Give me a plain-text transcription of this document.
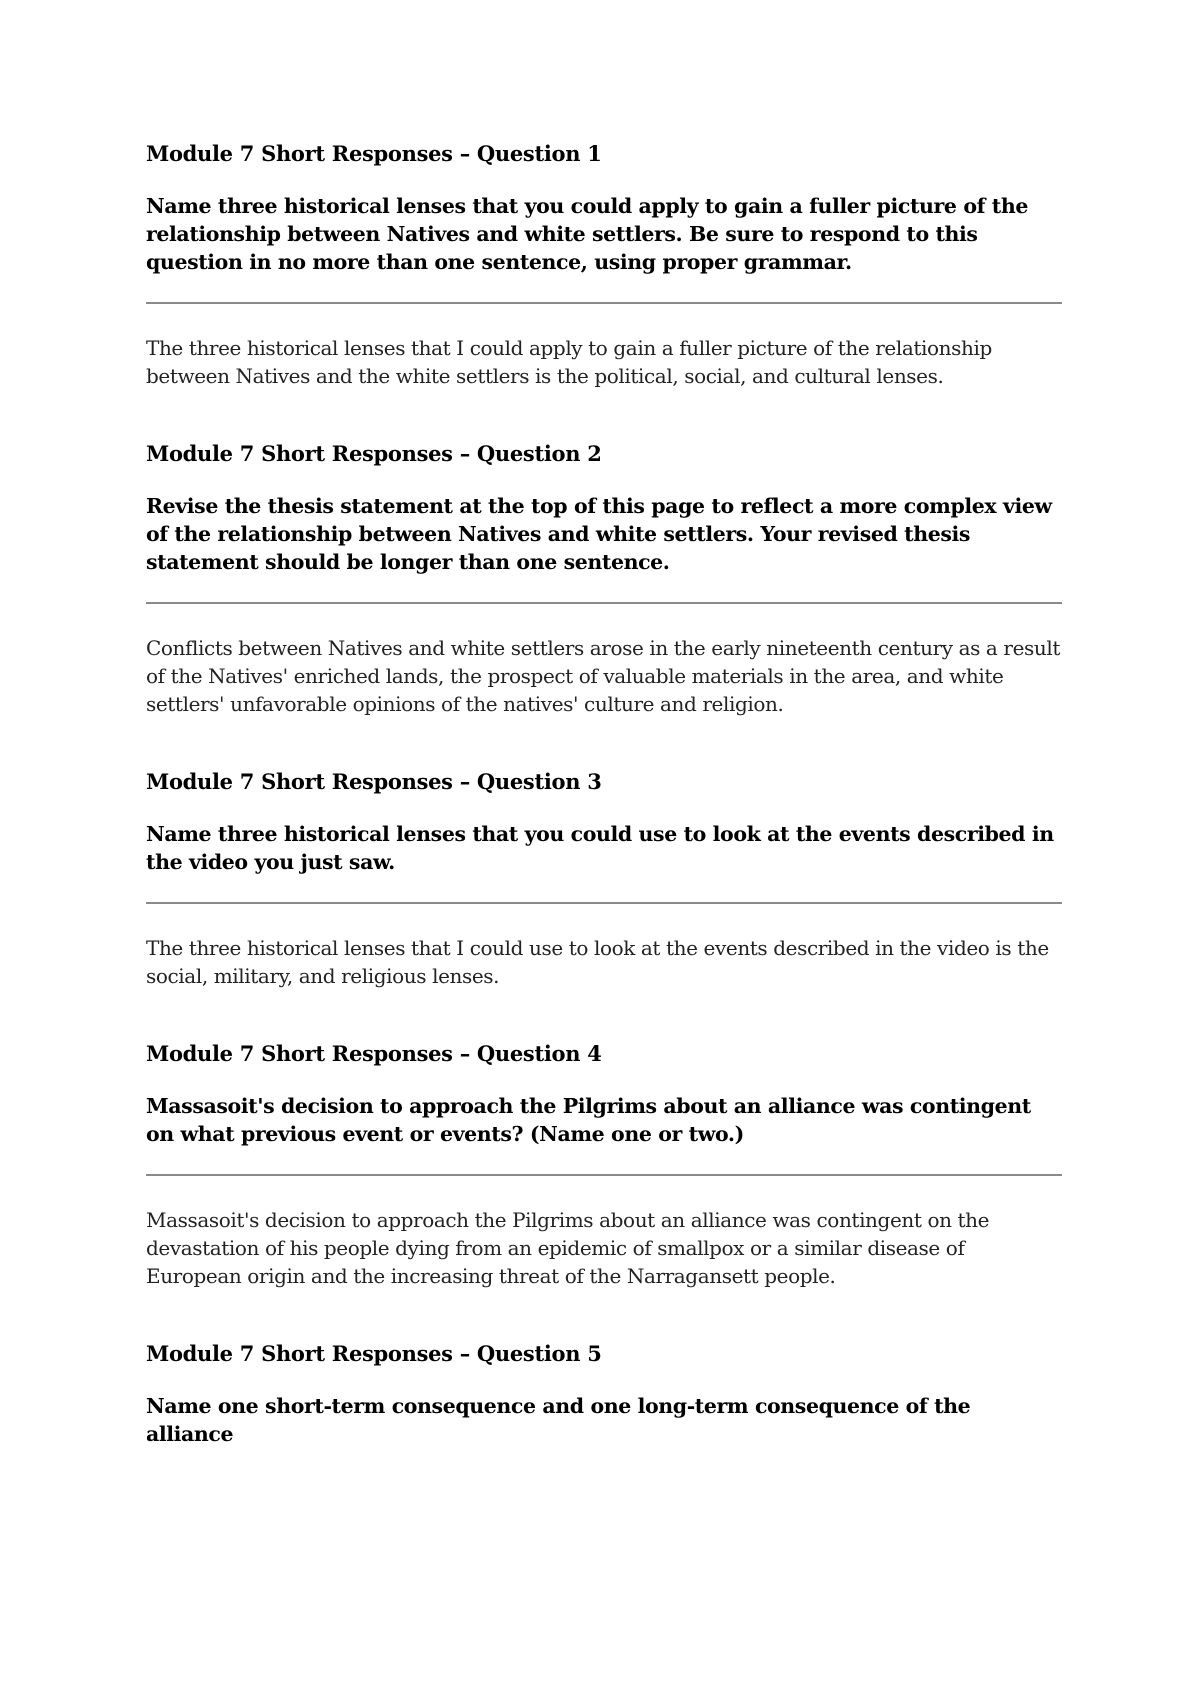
Module 7 Short Responses – Question 1

Name three historical lenses that you could apply to gain a fuller picture of the relationship between Natives and white settlers. Be sure to respond to this question in no more than one sentence, using proper grammar.

The three historical lenses that I could apply to gain a fuller picture of the relationship between Natives and the white settlers is the political, social, and cultural lenses.

Module 7 Short Responses – Question 2

Revise the thesis statement at the top of this page to reflect a more complex view of the relationship between Natives and white settlers. Your revised thesis statement should be longer than one sentence.

Conflicts between Natives and white settlers arose in the early nineteenth century as a result of the Natives' enriched lands, the prospect of valuable materials in the area, and white settlers' unfavorable opinions of the natives' culture and religion.

Module 7 Short Responses – Question 3

Name three historical lenses that you could use to look at the events described in the video you just saw.

The three historical lenses that I could use to look at the events described in the video is the social, military, and religious lenses.

Module 7 Short Responses – Question 4

Massasoit's decision to approach the Pilgrims about an alliance was contingent on what previous event or events? (Name one or two.)

Massasoit's decision to approach the Pilgrims about an alliance was contingent on the devastation of his people dying from an epidemic of smallpox or a similar disease of European origin and the increasing threat of the Narragansett people.

Module 7 Short Responses – Question 5

Name one short-term consequence and one long-term consequence of the alliance
